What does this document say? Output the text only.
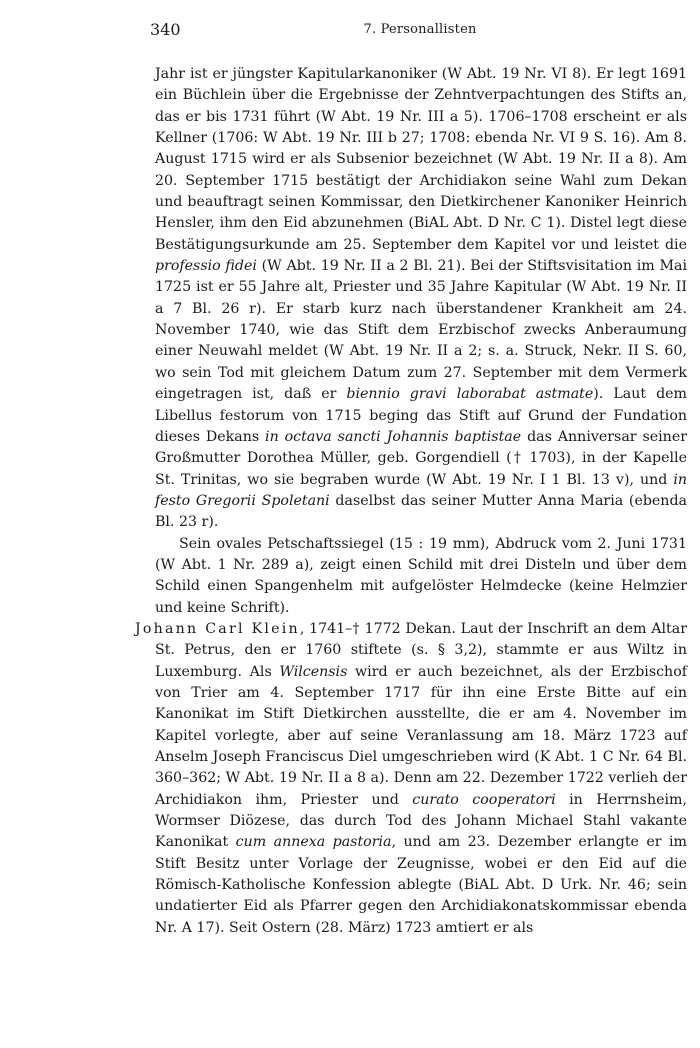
340	7. Personallisten

Jahr ist er jüngster Kapitularkanoniker (W Abt. 19 Nr. VI 8). Er legt 1691 ein Büchlein über die Ergebnisse der Zehntverpachtungen des Stifts an, das er bis 1731 führt (W Abt. 19 Nr. III a 5). 1706–1708 erscheint er als Kellner (1706: W Abt. 19 Nr. III b 27; 1708: ebenda Nr. VI 9 S. 16). Am 8. August 1715 wird er als Subsenior bezeichnet (W Abt. 19 Nr. II a 8). Am 20. September 1715 bestätigt der Archidiakon seine Wahl zum Dekan und beauftragt seinen Kommissar, den Dietkirchener Kanoniker Heinrich Hensler, ihm den Eid abzunehmen (BiAL Abt. D Nr. C 1). Distel legt diese Bestätigungsurkunde am 25. September dem Kapitel vor und leistet die professio fidei (W Abt. 19 Nr. II a 2 Bl. 21). Bei der Stiftsvisitation im Mai 1725 ist er 55 Jahre alt, Priester und 35 Jahre Kapitular (W Abt. 19 Nr. II a 7 Bl. 26 r). Er starb kurz nach überstandener Krankheit am 24. November 1740, wie das Stift dem Erzbischof zwecks Anberaumung einer Neuwahl meldet (W Abt. 19 Nr. II a 2; s. a. Struck, Nekr. II S. 60, wo sein Tod mit gleichem Datum zum 27. September mit dem Vermerk eingetragen ist, daß er biennio gravi laborabat astmate). Laut dem Libellus festorum von 1715 beging das Stift auf Grund der Fundation dieses Dekans in octava sancti Johannis baptistae das Anniversar seiner Großmutter Dorothea Müller, geb. Gorgendiell († 1703), in der Kapelle St. Trinitas, wo sie begraben wurde (W Abt. 19 Nr. I 1 Bl. 13 v), und in festo Gregorii Spoletani daselbst das seiner Mutter Anna Maria (ebenda Bl. 23 r).

Sein ovales Petschaftssiegel (15 : 19 mm), Abdruck vom 2. Juni 1731 (W Abt. 1 Nr. 289 a), zeigt einen Schild mit drei Disteln und über dem Schild einen Spangenhelm mit aufgelöster Helmdecke (keine Helmzier und keine Schrift).

Johann Carl Klein, 1741–† 1772 Dekan. Laut der Inschrift an dem Altar St. Petrus, den er 1760 stiftete (s. § 3,2), stammte er aus Wiltz in Luxemburg. Als Wilcensis wird er auch bezeichnet, als der Erzbischof von Trier am 4. September 1717 für ihn eine Erste Bitte auf ein Kanonikat im Stift Dietkirchen ausstellte, die er am 4. November im Kapitel vorlegte, aber auf seine Veranlassung am 18. März 1723 auf Anselm Joseph Franciscus Diel umgeschrieben wird (K Abt. 1 C Nr. 64 Bl. 360–362; W Abt. 19 Nr. II a 8 a). Denn am 22. Dezember 1722 verlieh der Archidiakon ihm, Priester und curato cooperatori in Herrnsheim, Wormser Diözese, das durch Tod des Johann Michael Stahl vakante Kanonikat cum annexa pastoria, und am 23. Dezember erlangte er im Stift Besitz unter Vorlage der Zeugnisse, wobei er den Eid auf die Römisch-Katholische Konfession ablegte (BiAL Abt. D Urk. Nr. 46; sein undatierter Eid als Pfarrer gegen den Archidiakonatskommissar ebenda Nr. A 17). Seit Ostern (28. März) 1723 amtiert er als
